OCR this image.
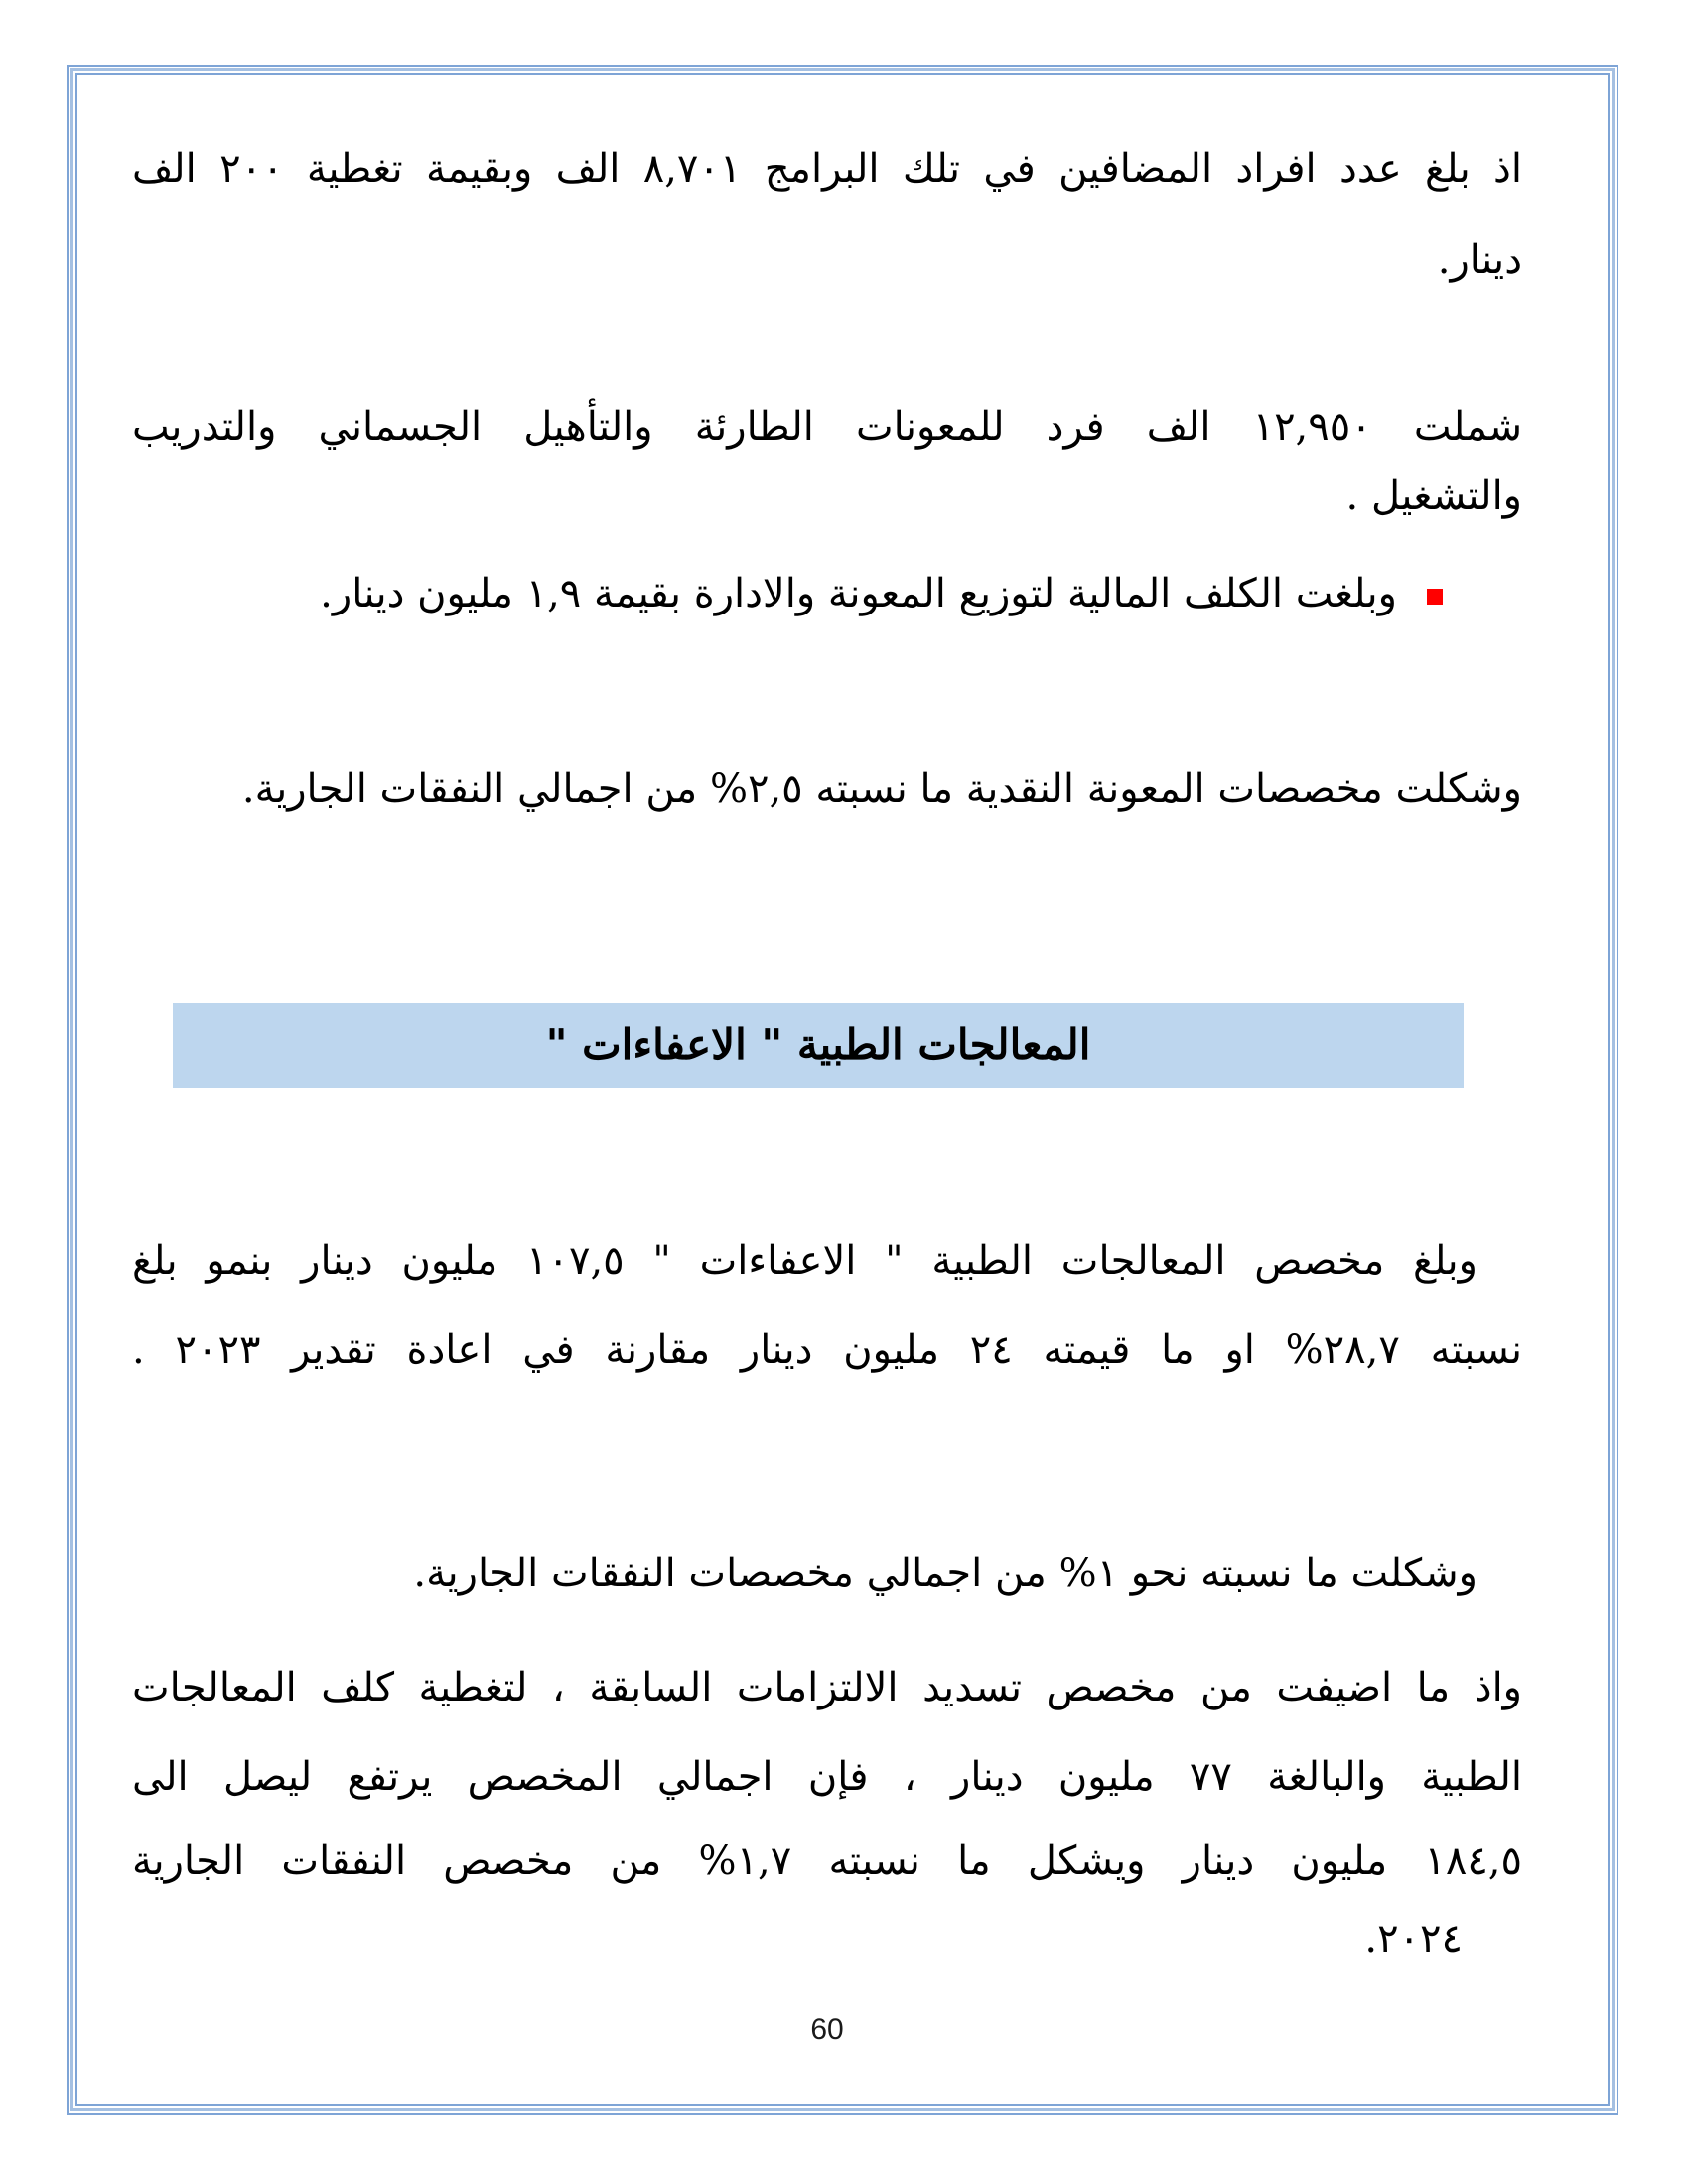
اذ بلغ عدد افراد المضافين في تلك البرامج ٨,٧٠١ الف وبقيمة تغطية ٢٠٠ الف
دينار.
شملت ١٢,٩٥٠ الف فرد للمعونات الطارئة والتأهيل الجسماني والتدريب
والتشغيل .
وبلغت الكلف المالية لتوزيع المعونة والادارة بقيمة ١,٩ مليون دينار.
وشكلت مخصصات المعونة النقدية ما نسبته ٢,٥% من اجمالي النفقات الجارية.
المعالجات الطبية " الاعفاءات "
وبلغ مخصص المعالجات الطبية " الاعفاءات " ١٠٧,٥ مليون دينار بنمو بلغ
نسبته ٢٨,٧% او ما قيمته ٢٤ مليون دينار مقارنة في اعادة تقدير ٢٠٢٣ .
وشكلت ما نسبته نحو ١% من اجمالي مخصصات النفقات الجارية.
واذ ما اضيفت من مخصص تسديد الالتزامات السابقة ، لتغطية كلف المعالجات
الطبية والبالغة ٧٧ مليون دينار ، فإن اجمالي المخصص يرتفع ليصل الى
١٨٤,٥ مليون دينار ويشكل ما نسبته ١,٧% من مخصص النفقات الجارية
٢٠٢٤.
60
